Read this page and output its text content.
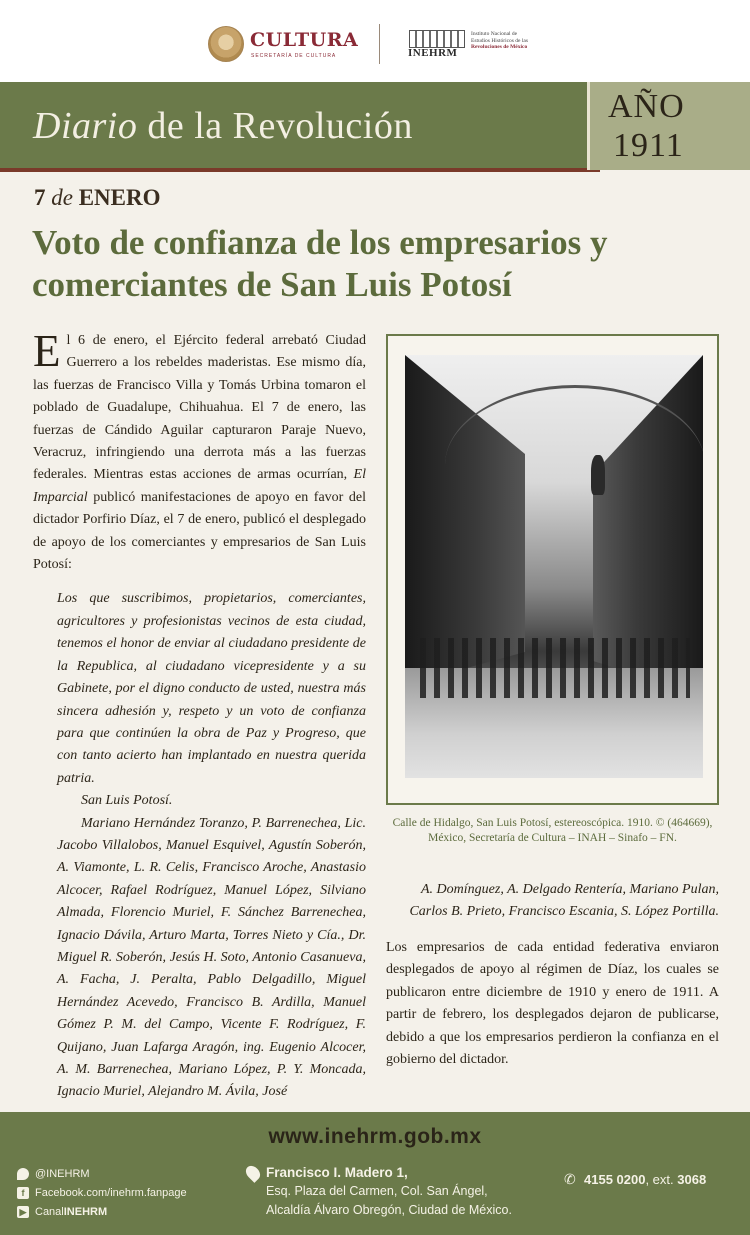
CULTURA
SECRETARÍA DE CULTURA	INEHRM
Instituto Nacional de
Estudios Históricos de las
Revoluciones de México
Diario de la Revolución	AÑO
1911
7 de ENERO
Voto de confianza de los empresarios y comerciantes de San Luis Potosí

El 6 de enero, el Ejército federal arrebató Ciudad Guerrero a los rebeldes maderistas. Ese mismo día, las fuerzas de Francisco Villa y Tomás Urbina tomaron el poblado de Guadalupe, Chihuahua. El 7 de enero, las fuerzas de Cándido Aguilar capturaron Paraje Nuevo, Veracruz, infringiendo una derrota más a las fuerzas federales. Mientras estas acciones de armas ocurrían, El Imparcial publicó manifestaciones de apoyo en favor del dictador Porfirio Díaz, el 7 de enero, publicó el desplegado de apoyo de los comerciantes y empresarios de San Luis Potosí:

Los que suscribimos, propietarios, comerciantes, agricultores y profesionistas vecinos de esta ciudad, tenemos el honor de enviar al ciudadano presidente de la Republica, al ciudadano vicepresidente y a su Gabinete, por el digno conducto de usted, nuestra más sincera adhesión y, respeto y un voto de confianza para que continúen la obra de Paz y Progreso, que con tanto acierto han implantado en nuestra querida patria.
San Luis Potosí.
Mariano Hernández Toranzo, P. Barrenechea, Lic. Jacobo Villalobos, Manuel Esquivel, Agustín Soberón, A. Viamonte, L. R. Celis, Francisco Aroche, Anastasio Alcocer, Rafael Rodríguez, Manuel López, Silviano Almada, Florencio Muriel, F. Sánchez Barrenechea, Ignacio Dávila, Arturo Marta, Torres Nieto y Cía., Dr. Miguel R. Soberón, Jesús H. Soto, Antonio Casanueva, A. Facha, J. Peralta, Pablo Delgadillo, Miguel Hernández Acevedo, Francisco B. Ardilla, Manuel Gómez P. M. del Campo, Vicente F. Rodríguez, F. Quijano, Juan Lafarga Aragón, ing. Eugenio Alcocer, A. M. Barrenechea, Mariano López, P. Y. Moncada, Ignacio Muriel, Alejandro M. Ávila, José
Calle de Hidalgo, San Luis Potosí, estereoscópica. 1910. © (464669), México, Secretaría de Cultura – INAH – Sinafo – FN.
A. Domínguez, A. Delgado Rentería, Mariano Pulan, Carlos B. Prieto, Francisco Escania, S. López Portilla.

Los empresarios de cada entidad federativa enviaron desplegados de apoyo al régimen de Díaz, los cuales se publicaron entre diciembre de 1910 y enero de 1911. A partir de febrero, los desplegados dejaron de publicarse, debido a que los empresarios perdieron la confianza en el gobierno del dictador.

www.inehrm.gob.mx
@INEHRM
f Facebook.com/inehrm.fanpage
▶ Canal INEHRM
Francisco I. Madero 1,
Esq. Plaza del Carmen, Col. San Ángel,
Alcaldía Álvaro Obregón, Ciudad de México.
✆ 4155 0200, ext. 3068
